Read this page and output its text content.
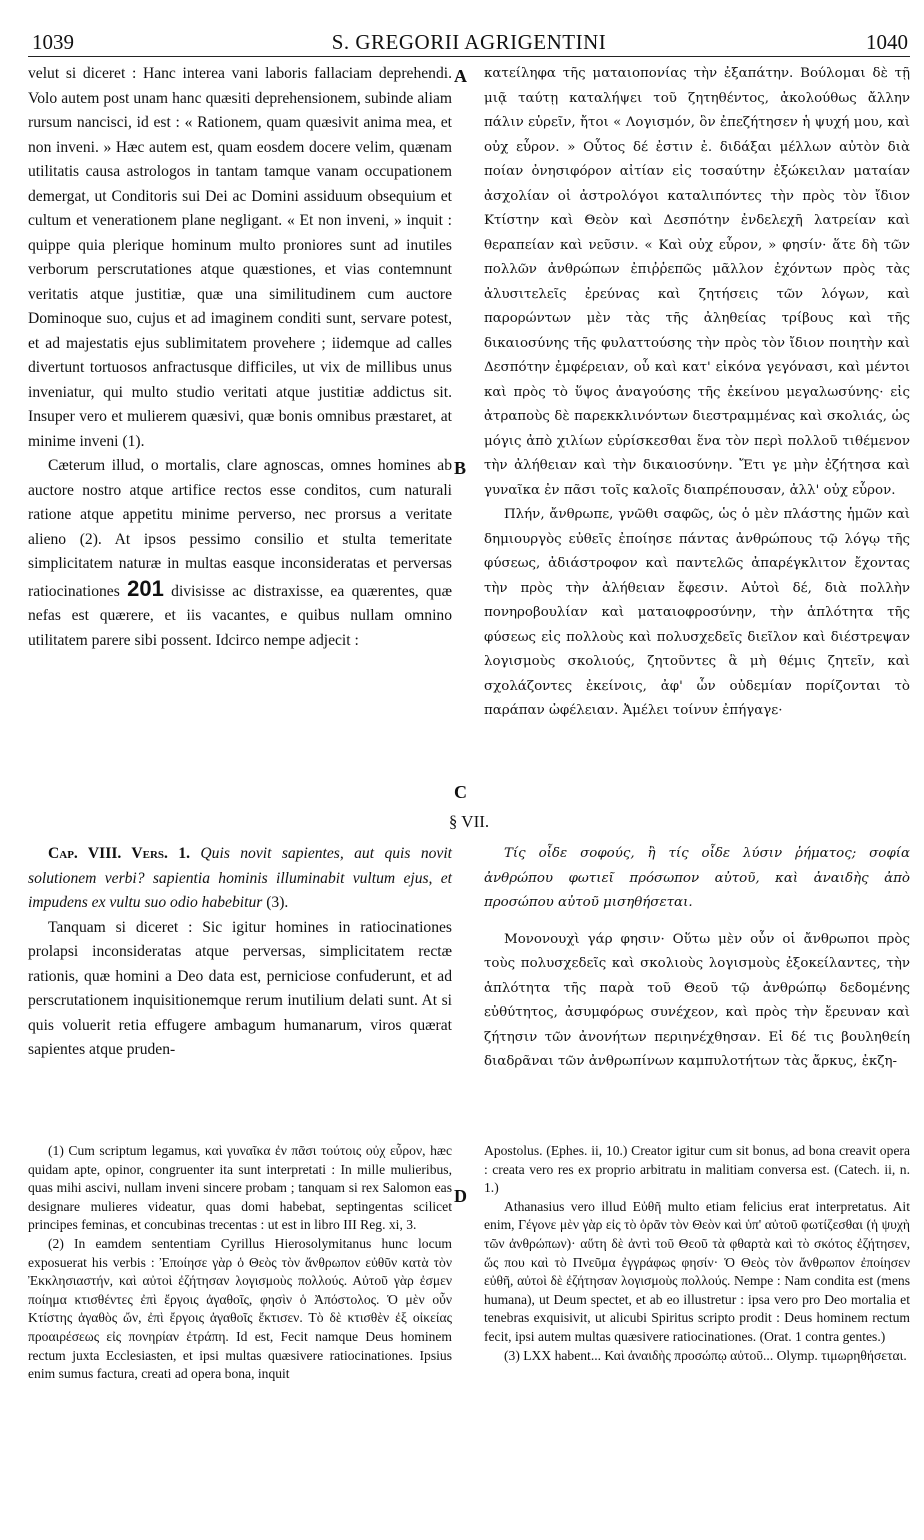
1039	S. GREGORII AGRIGENTINI	1040

velut si diceret : Hanc interea vani laboris fallaciam deprehendi. Volo autem post unam hanc quæsiti deprehensionem, subinde aliam rursum nancisci, id est : « Rationem, quam quæsivit anima mea, et non inveni. » Hæc autem est, quam eosdem docere velim, quænam utilitatis causa astrologos in tantam tamque vanam occupationem demergat, ut Conditoris sui Dei ac Domini assiduum obsequium et cultum et venerationem plane negligant. « Et non inveni, » inquit : quippe quia plerique hominum multo proniores sunt ad inutiles verborum perscrutationes atque quæstiones, et vias contemnunt veritatis atque justitiæ, quæ una similitudinem cum auctore Dominoque suo, cujus et ad imaginem conditi sunt, servare potest, et ad majestatis ejus sublimitatem provehere ; iidemque ad calles divertunt tortuosos anfractusque difficiles, ut vix de millibus unus inveniatur, qui multo studio veritati atque justitiæ addictus sit. Insuper vero et mulierem quæsivi, quæ bonis omnibus præstaret, at minime inveni (1).

Cæterum illud, o mortalis, clare agnoscas, omnes homines ab auctore nostro atque artifice rectos esse conditos, cum naturali ratione atque appetitu minime perverso, nec prorsus a veritate alieno (2). At ipsos pessimo consilio et stulta temeritate simplicitatem naturæ in multas easque inconsideratas et perversas ratiocinationes 201 divisisse ac distraxisse, ea quærentes, quæ nefas est quærere, et iis vacantes, e quibus nullam omnino utilitatem parere sibi possent. Idcirco nempe adjecit :

κατείληφα τῆς ματαιοπονίας τὴν ἐξαπάτην. Βούλομαι δὲ τῇ μιᾷ ταύτῃ καταλήψει τοῦ ζητηθέντος, ἀκολούθως ἄλλην πάλιν εὑρεῖν, ἤτοι « Λογισμόν, ὃν ἐπεζήτησεν ἡ ψυχή μου, καὶ οὐχ εὗρον. » Οὗτος δέ ἐστιν ἐ. διδάξαι μέλλων αὐτὸν διὰ ποίαν ὀνησιφόρον αἰτίαν εἰς τοσαύτην ἐξώκειλαν ματαίαν ἀσχολίαν οἱ ἀστρολόγοι καταλιπόντες τὴν πρὸς τὸν ἴδιον Κτίστην καὶ Θεὸν καὶ Δεσπότην ἐνδελεχῆ λατρείαν καὶ θεραπείαν καὶ νεῦσιν. « Καὶ οὐχ εὗρον, » φησίν· ἅτε δὴ τῶν πολλῶν ἀνθρώπων ἐπιῤῥεπῶς μᾶλλον ἐχόντων πρὸς τὰς ἀλυσιτελεῖς ἐρεύνας καὶ ζητήσεις τῶν λόγων, καὶ παρορώντων μὲν τὰς τῆς ἀληθείας τρίβους καὶ τῆς δικαιοσύνης τῆς φυλαττούσης τὴν πρὸς τὸν ἴδιον ποιητὴν καὶ Δεσπότην ἐμφέρειαν, οὗ καὶ κατ' εἰκόνα γεγόνασι, καὶ μέντοι καὶ πρὸς τὸ ὕψος ἀναγούσης τῆς ἐκείνου μεγαλωσύνης· εἰς ἀτραποὺς δὲ παρεκκλινόντων διεστραμμένας καὶ σκολιάς, ὡς μόγις ἀπὸ χιλίων εὑρίσκεσθαι ἕνα τὸν περὶ πολλοῦ τιθέμενον τὴν ἀλήθειαν καὶ τὴν δικαιοσύνην. Ἔτι γε μὴν ἐζήτησα καὶ γυναῖκα ἐν πᾶσι τοῖς καλοῖς διαπρέπουσαν, ἀλλ' οὐχ εὗρον.

Πλήν, ἄνθρωπε, γνῶθι σαφῶς, ὡς ὁ μὲν πλάστης ἡμῶν καὶ δημιουργὸς εὐθεῖς ἐποίησε πάντας ἀνθρώπους τῷ λόγῳ τῆς φύσεως, ἀδιάστροφον καὶ παντελῶς ἀπαρέγκλιτον ἔχοντας τὴν πρὸς τὴν ἀλήθειαν ἔφεσιν. Αὐτοὶ δέ, διὰ πολλὴν πονηροβουλίαν καὶ ματαιοφροσύνην, τὴν ἁπλότητα τῆς φύσεως εἰς πολλοὺς καὶ πολυσχεδεῖς διεῖλον καὶ διέστρεψαν λογισμοὺς σκολιούς, ζητοῦντες ἃ μὴ θέμις ζητεῖν, καὶ σχολάζοντες ἐκείνοις, ἀφ' ὧν οὐδεμίαν πορίζονται τὸ παράπαν ὠφέλειαν. Ἀμέλει τοίνυν ἐπήγαγε·

A
B
C
D
§ VII.

Cap. VIII. Vers. 1. Quis novit sapientes, aut quis novit solutionem verbi? sapientia hominis illuminabit vultum ejus, et impudens ex vultu suo odio habebitur (3).

Tanquam si diceret : Sic igitur homines in ratiocinationes prolapsi inconsideratas atque perversas, simplicitatem rectæ rationis, quæ homini a Deo data est, perniciose confuderunt, et ad perscrutationem inquisitionemque rerum inutilium delati sunt. At si quis voluerit retia effugere ambagum humanarum, viros quærat sapientes atque pruden-

Τίς οἶδε σοφούς, ἢ τίς οἶδε λύσιν ῥήματος; σοφία ἀνθρώπου φωτιεῖ πρόσωπον αὐτοῦ, καὶ ἀναιδὴς ἀπὸ προσώπου αὐτοῦ μισηθήσεται.

Μονονουχὶ γάρ φησιν· Οὕτω μὲν οὖν οἱ ἄνθρωποι πρὸς τοὺς πολυσχεδεῖς καὶ σκολιοὺς λογισμοὺς ἐξοκείλαντες, τὴν ἁπλότητα τῆς παρὰ τοῦ Θεοῦ τῷ ἀνθρώπῳ δεδομένης εὐθύτητος, ἀσυμφόρως συνέχεον, καὶ πρὸς τὴν ἔρευναν καὶ ζήτησιν τῶν ἀνονήτων περιηνέχθησαν. Εἰ δέ τις βουληθείη διαδρᾶναι τῶν ἀνθρωπίνων καμπυλοτήτων τὰς ἄρκυς, ἐκζη-

(1) Cum scriptum legamus, καὶ γυναῖκα ἐν πᾶσι τούτοις οὐχ εὗρον, hæc quidam apte, opinor, congruenter ita sunt interpretati : In mille mulieribus, quas mihi ascivi, nullam inveni sincere probam ; tanquam si rex Salomon eas designare mulieres videatur, quas domi habebat, septingentas scilicet principes feminas, et concubinas trecentas : ut est in libro III Reg. xi, 3.

(2) In eamdem sententiam Cyrillus Hierosolymitanus hunc locum exposuerat his verbis : Ἐποίησε γὰρ ὁ Θεὸς τὸν ἄνθρωπον εὐθῦν κατὰ τὸν Ἐκκλησιαστήν, καὶ αὐτοὶ ἐζήτησαν λογισμοὺς πολλούς. Αὐτοῦ γὰρ ἐσμεν ποίημα κτισθέντες ἐπὶ ἔργοις ἀγαθοῖς, φησὶν ὁ Ἀπόστολος. Ὁ μὲν οὖν Κτίστης ἀγαθὸς ὤν, ἐπὶ ἔργοις ἀγαθοῖς ἔκτισεν. Τὸ δὲ κτισθὲν ἐξ οἰκείας προαιρέσεως εἰς πονηρίαν ἐτράπη. Id est, Fecit namque Deus hominem rectum juxta Ecclesiasten, et ipsi multas quæsivere ratiocinationes. Ipsius enim sumus factura, creati ad opera bona, inquit

Apostolus. (Ephes. ii, 10.) Creator igitur cum sit bonus, ad bona creavit opera : creata vero res ex proprio arbitratu in malitiam conversa est. (Catech. ii, n. 1.)

Athanasius vero illud Εὐθῆ multo etiam felicius erat interpretatus. Ait enim, Γέγονε μὲν γὰρ εἰς τὸ ὁρᾶν τὸν Θεὸν καὶ ὑπ' αὐτοῦ φωτίζεσθαι (ἡ ψυχὴ τῶν ἀνθρώπων)· αὕτη δὲ ἀντὶ τοῦ Θεοῦ τὰ φθαρτὰ καὶ τὸ σκότος ἐζήτησεν, ὥς που καὶ τὸ Πνεῦμα ἐγγράφως φησίν· Ὁ Θεὸς τὸν ἄνθρωπον ἐποίησεν εὐθῆ, αὐτοὶ δὲ ἐζήτησαν λογισμοὺς πολλούς. Nempe : Nam condita est (mens humana), ut Deum spectet, et ab eo illustretur : ipsa vero pro Deo mortalia et tenebras exquisivit, ut alicubi Spiritus scripto prodit : Deus hominem rectum fecit, ipsi autem multas quæsivere ratiocinationes. (Orat. 1 contra gentes.)

(3) LXX habent... Καὶ ἀναιδὴς προσώπῳ αὐτοῦ... Olymp. τιμωρηθήσεται.
